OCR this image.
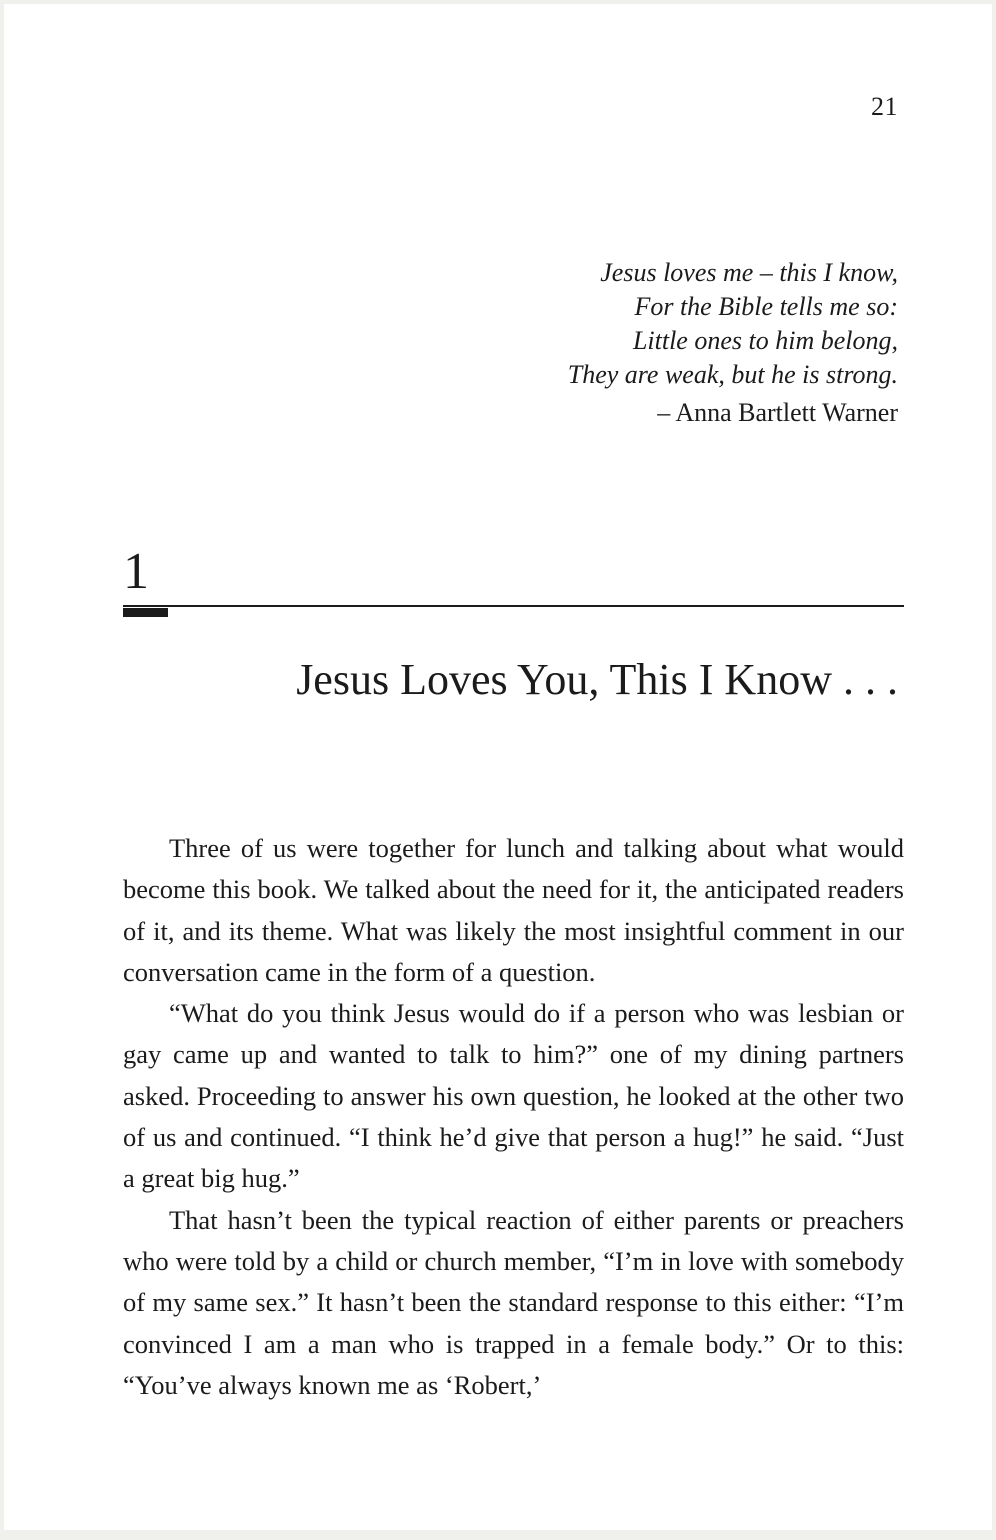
21
Jesus loves me – this I know,
For the Bible tells me so:
Little ones to him belong,
They are weak, but he is strong.
– Anna Bartlett Warner
1
Jesus Loves You, This I Know . . .

Three of us were together for lunch and talking about what would become this book. We talked about the need for it, the anticipated readers of it, and its theme. What was likely the most insightful comment in our conversation came in the form of a question.

“What do you think Jesus would do if a person who was lesbian or gay came up and wanted to talk to him?” one of my dining partners asked. Proceeding to answer his own question, he looked at the other two of us and continued. “I think he’d give that person a hug!” he said. “Just a great big hug.”

That hasn’t been the typical reaction of either parents or preachers who were told by a child or church member, “I’m in love with somebody of my same sex.” It hasn’t been the standard response to this either: “I’m convinced I am a man who is trapped in a female body.” Or to this: “You’ve always known me as ‘Robert,’
